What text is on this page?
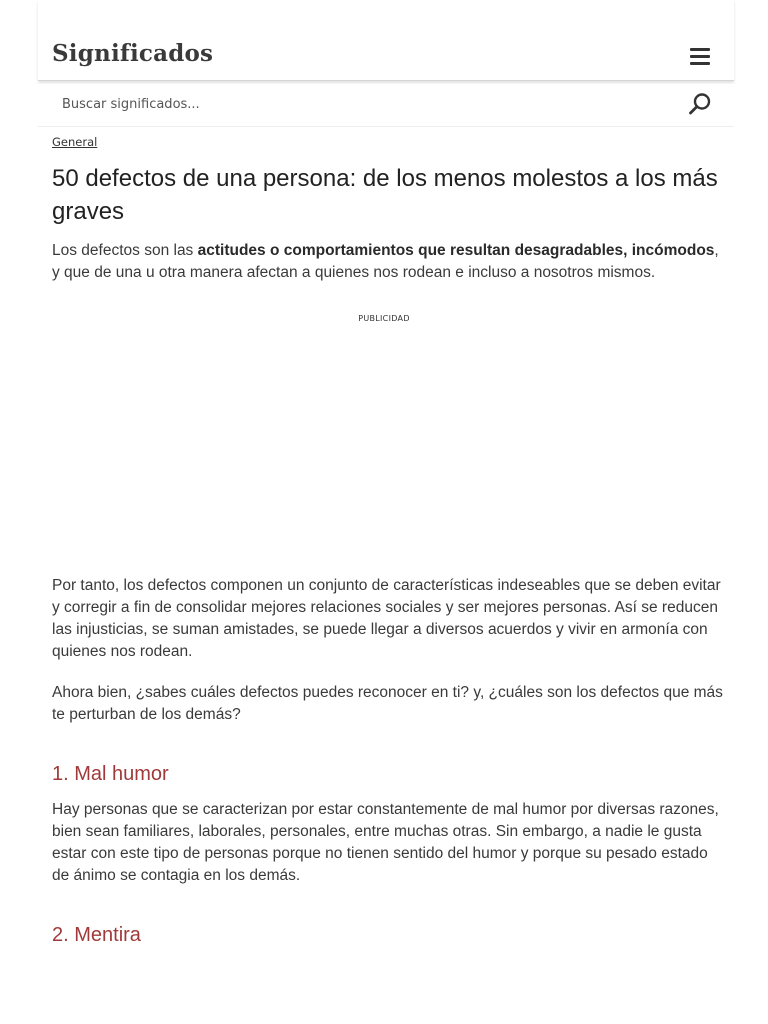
Significados
Buscar significados...
General
50 defectos de una persona: de los menos molestos a los más graves

Los defectos son las actitudes o comportamientos que resultan desagradables, incómodos, y que de una u otra manera afectan a quienes nos rodean e incluso a nosotros mismos.

PUBLICIDAD

Por tanto, los defectos componen un conjunto de características indeseables que se deben evitar y corregir a fin de consolidar mejores relaciones sociales y ser mejores personas. Así se reducen las injusticias, se suman amistades, se puede llegar a diversos acuerdos y vivir en armonía con quienes nos rodean.

Ahora bien, ¿sabes cuáles defectos puedes reconocer en ti? y, ¿cuáles son los defectos que más te perturban de los demás?

1. Mal humor

Hay personas que se caracterizan por estar constantemente de mal humor por diversas razones, bien sean familiares, laborales, personales, entre muchas otras. Sin embargo, a nadie le gusta estar con este tipo de personas porque no tienen sentido del humor y porque su pesado estado de ánimo se contagia en los demás.

2. Mentira
